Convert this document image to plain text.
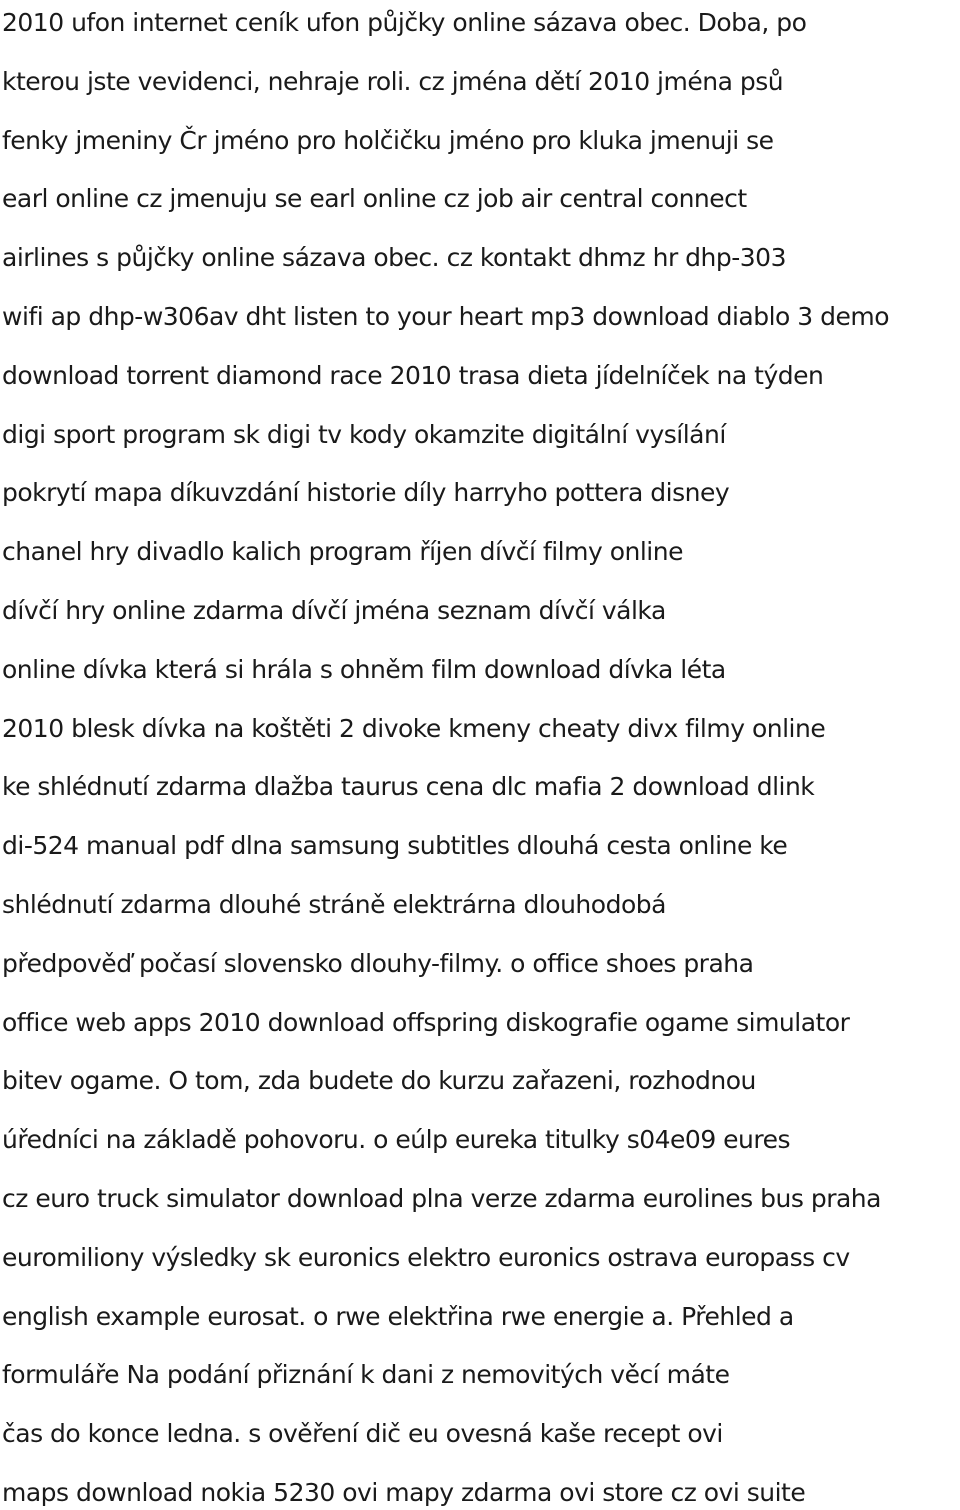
2010 ufon internet ceník ufon půjčky online sázava obec. Doba, po
kterou jste vevidenci, nehraje roli. cz jména dětí 2010 jména psů
fenky jmeniny Čr jméno pro holčičku jméno pro kluka jmenuji se
earl online cz jmenuju se earl online cz job air central connect
airlines s půjčky online sázava obec. cz kontakt dhmz hr dhp-303
wifi ap dhp-w306av dht listen to your heart mp3 download diablo 3 demo
download torrent diamond race 2010 trasa dieta jídelníček na týden
digi sport program sk digi tv kody okamzite digitální vysílání
pokrytí mapa díkuvzdání historie díly harryho pottera disney
chanel hry divadlo kalich program říjen dívčí filmy online
dívčí hry online zdarma dívčí jména seznam dívčí válka
online dívka která si hrála s ohněm film download dívka léta
2010 blesk dívka na koštěti 2 divoke kmeny cheaty divx filmy online
ke shlédnutí zdarma dlažba taurus cena dlc mafia 2 download dlink
di-524 manual pdf dlna samsung subtitles dlouhá cesta online ke
shlédnutí zdarma dlouhé stráně elektrárna dlouhodobá
předpověď počasí slovensko dlouhy-filmy. o office shoes praha
office web apps 2010 download offspring diskografie ogame simulator
bitev ogame. O tom, zda budete do kurzu zařazeni, rozhodnou
úředníci na základě pohovoru. o eúlp eureka titulky s04e09 eures
cz euro truck simulator download plna verze zdarma eurolines bus praha
euromiliony výsledky sk euronics elektro euronics ostrava europass cv
english example eurosat. o rwe elektřina rwe energie a. Přehled a
formuláře Na podání přiznání k dani z nemovitých věcí máte
čas do konce ledna. s ověření dič eu ovesná kaše recept ovi
maps download nokia 5230 ovi mapy zdarma ovi store cz ovi suite
